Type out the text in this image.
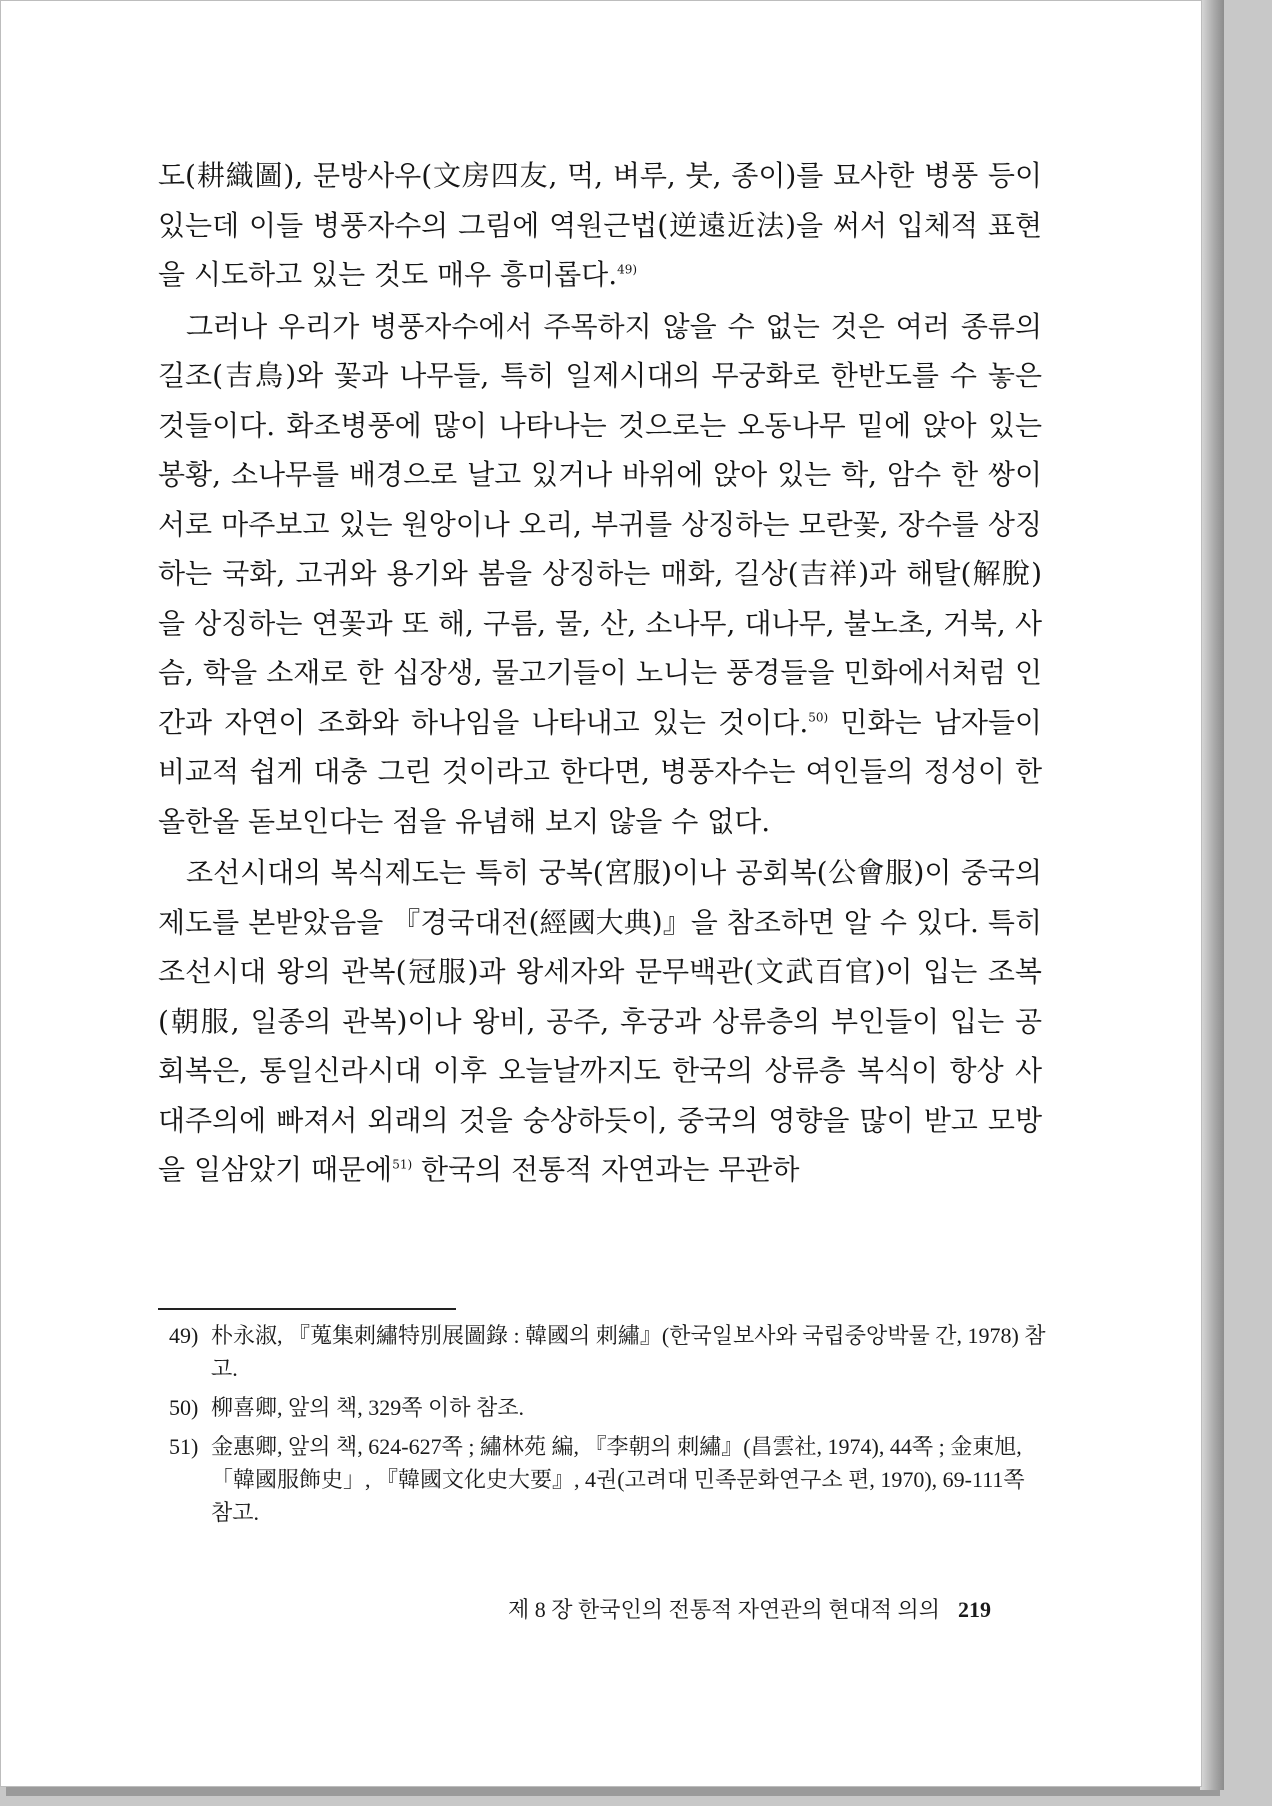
도(耕織圖), 문방사우(文房四友, 먹, 벼루, 붓, 종이)를 묘사한 병풍 등이 있는데 이들 병풍자수의 그림에 역원근법(逆遠近法)을 써서 입체적 표현을 시도하고 있는 것도 매우 흥미롭다.$^{49)}$

그러나 우리가 병풍자수에서 주목하지 않을 수 없는 것은 여러 종류의 길조(吉鳥)와 꽃과 나무들, 특히 일제시대의 무궁화로 한반도를 수 놓은 것들이다. 화조병풍에 많이 나타나는 것으로는 오동나무 밑에 앉아 있는 봉황, 소나무를 배경으로 날고 있거나 바위에 앉아 있는 학, 암수 한 쌍이 서로 마주보고 있는 원앙이나 오리, 부귀를 상징하는 모란꽃, 장수를 상징하는 국화, 고귀와 용기와 봄을 상징하는 매화, 길상(吉祥)과 해탈(解脫)을 상징하는 연꽃과 또 해, 구름, 물, 산, 소나무, 대나무, 불노초, 거북, 사슴, 학을 소재로 한 십장생, 물고기들이 노니는 풍경들을 민화에서처럼 인간과 자연이 조화와 하나임을 나타내고 있는 것이다.$^{50)}$ 민화는 남자들이 비교적 쉽게 대충 그린 것이라고 한다면, 병풍자수는 여인들의 정성이 한올한올 돋보인다는 점을 유념해 보지 않을 수 없다.

조선시대의 복식제도는 특히 궁복(宮服)이나 공회복(公會服)이 중국의 제도를 본받았음을 『경국대전(經國大典)』을 참조하면 알 수 있다. 특히 조선시대 왕의 관복(冠服)과 왕세자와 문무백관(文武百官)이 입는 조복(朝服, 일종의 관복)이나 왕비, 공주, 후궁과 상류층의 부인들이 입는 공회복은, 통일신라시대 이후 오늘날까지도 한국의 상류층 복식이 항상 사대주의에 빠져서 외래의 것을 숭상하듯이, 중국의 영향을 많이 받고 모방을 일삼았기 때문에$^{51)}$ 한국의 전통적 자연과는 무관하

49) 朴永淑, 『蒐集刺繡特別展圖錄 : 韓國의 刺繡』(한국일보사와 국립중앙박물 간, 1978) 참고.
50) 柳喜卿, 앞의 책, 329쪽 이하 참조.
51) 金惠卿, 앞의 책, 624-627쪽 ; 繡林苑 編, 『李朝의 刺繡』(昌雲社, 1974), 44쪽 ; 金東旭, 「韓國服飾史」, 『韓國文化史大要』, 4권(고려대 민족문화연구소 편, 1970), 69-111쪽 참고.
제 8 장 한국인의 전통적 자연관의 현대적 의의 219
